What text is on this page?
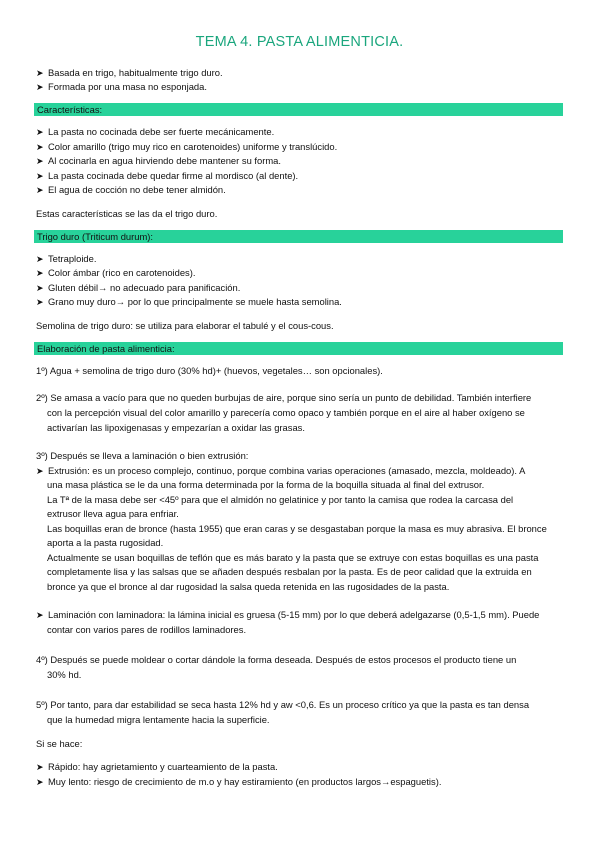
TEMA 4. PASTA ALIMENTICIA.
➤ Basada en trigo, habitualmente trigo duro.
➤ Formada por una masa no esponjada.
Características:
➤ La pasta no cocinada debe ser fuerte mecánicamente.
➤ Color amarillo (trigo muy rico en carotenoides) uniforme y translúcido.
➤ Al cocinarla en agua hirviendo debe mantener su forma.
➤ La pasta cocinada debe quedar firme al mordisco (al dente).
➤ El agua de cocción no debe tener almidón.
Estas características se las da el trigo duro.
Trigo duro (Triticum durum):
➤ Tetraploide.
➤ Color ámbar (rico en carotenoides).
➤ Gluten débil→ no adecuado para panificación.
➤ Grano muy duro→ por lo que principalmente se muele hasta semolina.
Semolina de trigo duro: se utiliza para elaborar el tabulé y el cous-cous.
Elaboración de pasta alimenticia:
1º) Agua + semolina de trigo duro (30% hd)+ (huevos, vegetales… son opcionales).
2º) Se amasa a vacío para que no queden burbujas de aire, porque sino sería un punto de debilidad. También interfiere
con la percepción visual del color amarillo y parecería como opaco y también porque en el aire al haber oxígeno se
activarían las lipoxigenasas y empezarían a oxidar las grasas.
3º) Después se lleva a laminación o bien extrusión:
➤ Extrusión: es un proceso complejo, continuo, porque combina varias operaciones (amasado, mezcla, moldeado). A
una masa plástica se le da una forma determinada por la forma de la boquilla situada al final del extrusor.
La Tª de la masa debe ser <45º para que el almidón no gelatinice y por tanto la camisa que rodea la carcasa del
extrusor lleva agua para enfriar.
Las boquillas eran de bronce (hasta 1955) que eran caras y se desgastaban porque la masa es muy abrasiva. El bronce
aporta a la pasta rugosidad.
Actualmente se usan boquillas de teflón que es más barato y la pasta que se extruye con estas boquillas es una pasta
completamente lisa y las salsas que se añaden después resbalan por la pasta. Es de peor calidad que la extruida en
bronce ya que el bronce al dar rugosidad la salsa queda retenida en las rugosidades de la pasta.
➤ Laminación con laminadora: la lámina inicial es gruesa (5-15 mm) por lo que deberá adelgazarse (0,5-1,5 mm). Puede
contar con varios pares de rodillos laminadores.
4º) Después se puede moldear o cortar dándole la forma deseada. Después de estos procesos el producto tiene un
30% hd.
5º) Por tanto, para dar estabilidad se seca hasta 12% hd y aw <0,6. Es un proceso crítico ya que la pasta es tan densa
que la humedad migra lentamente hacia la superficie.
Si se hace:
➤ Rápido: hay agrietamiento y cuarteamiento de la pasta.
➤ Muy lento: riesgo de crecimiento de m.o y hay estiramiento (en productos largos→espaguetis).
